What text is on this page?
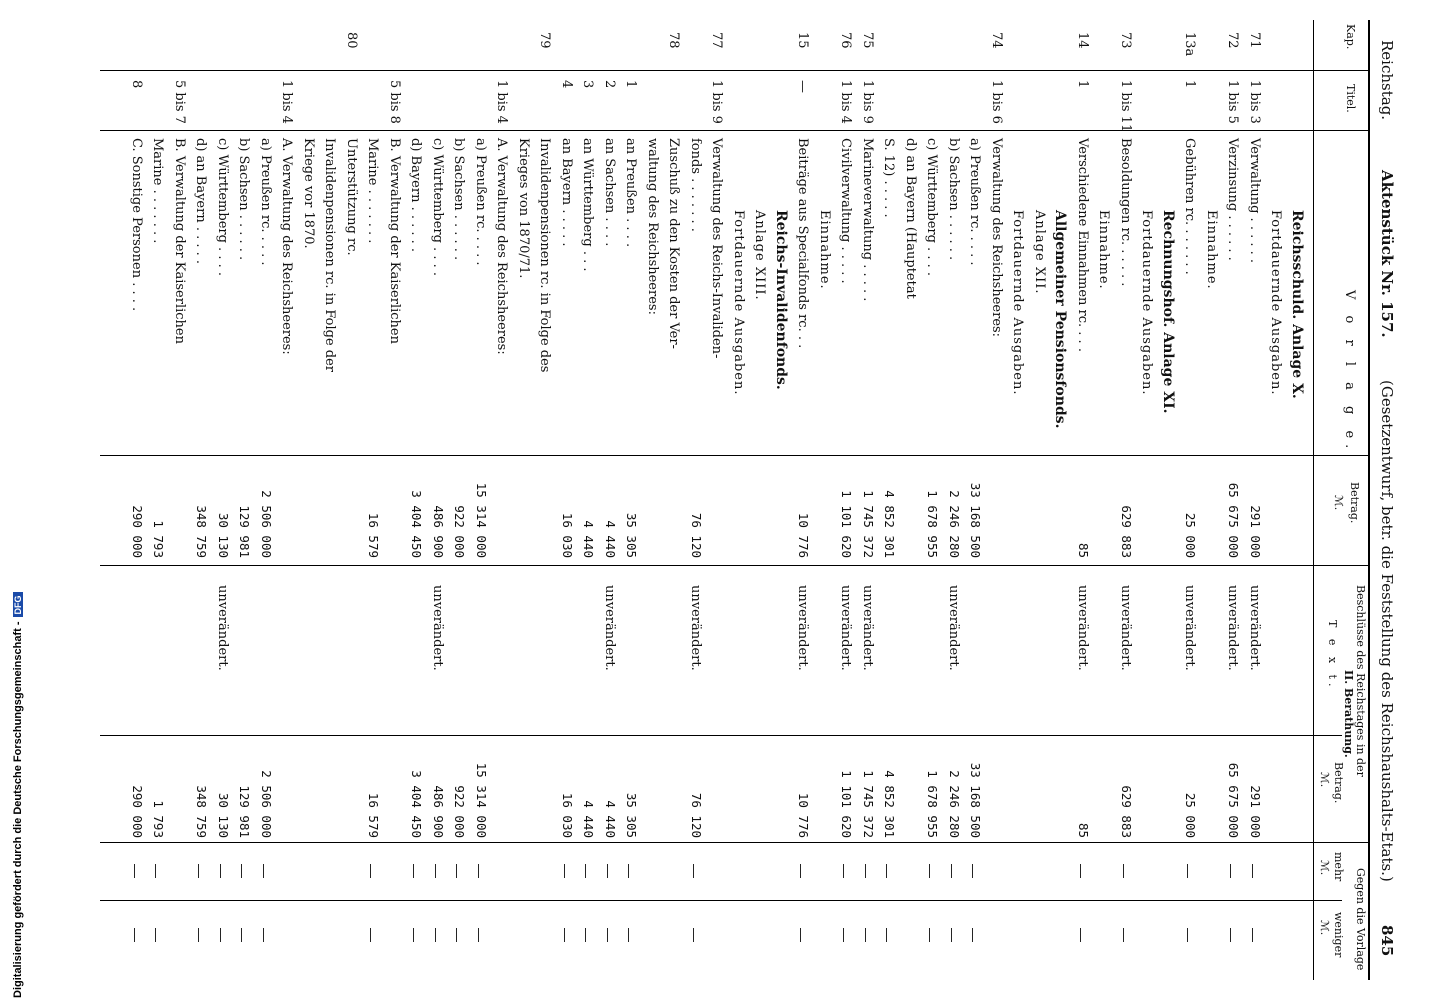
Reichstag.
Aktenstück Nr. 157.
(Gesetzentwurf, betr. die Feststellung des Reichshaushalts-Etats.)
845
Kap.
Titel.
V o r l a g e.
Betrag.
ℳ.
Beschlüsse des Reichstages in der
II. Berathung.
T e x t.
Betrag.
ℳ.
Gegen die Vorlage
mehr
weniger
ℳ.
ℳ.
Reichsschuld. Anlage X.
Fortdauernde Ausgaben.
71
1 bis 3
Verwaltung . . . . . .
291 000
unverändert.
291 000
—
—
72
1 bis 5
Verzinsung . . . . . .
65 675 000
unverändert.
65 675 000
—
—
Einnahme.
13a
1
Gebühren rc. . . . . . .
25 000
unverändert.
25 000
—
—
Rechnungshof. Anlage XI.
Fortdauernde Ausgaben.
73
1 bis 11
Besoldungen rc. . . . . .
629 883
unverändert.
629 883
—
—
Einnahme.
14
1
Verschiedene Einnahmen rc. . . .
85
unverändert.
85
—
—
Allgemeiner Pensionsfonds.
Anlage XII.
Fortdauernde Ausgaben.
74
1 bis 6
Verwaltung des Reichsheeres:
a) Preußen rc. . . . .
33 168 500
33 168 500
—
—
b) Sachsen . . . . . .
2 246 280
unverändert.
2 246 280
—
—
c) Württemberg . . . .
1 678 955
1 678 955
—
—
d) an Bayern (Hauptetat
S. 12) . . . . .
4 852 301
4 852 301
—
—
75
1 bis 9
Marineverwaltung . . . . .
1 745 372
unverändert.
1 745 372
—
—
76
1 bis 4
Civilverwaltung . . . . .
1 101 620
unverändert.
1 101 620
—
—
Einnahme.
15
—
Beiträge aus Specialfonds rc. . .
10 776
unverändert.
10 776
—
—
Reichs-Invalidenfonds.
Anlage XIII.
Fortdauernde Ausgaben.
77
1 bis 9
Verwaltung des Reichs-Invaliden-
fonds . . . . . . .
76 120
unverändert.
76 120
—
—
78
Zuschuß zu den Kosten der Ver-
waltung des Reichsheeres:
1
an Preußen . . . .
35 305
35 305
—
—
2
an Sachsen . . . .
4 440
unverändert.
4 440
—
—
3
an Württemberg . . .
4 440
4 440
—
—
4
an Bayern . . . . .
16 030
16 030
—
—
79
Invalidenpensionen rc. in Folge des
Krieges von 1870/71.
1 bis 4
A. Verwaltung des Reichsheeres:
a) Preußen rc. . . . .
15 314 000
15 314 000
—
—
b) Sachsen . . . . . .
922 000
922 000
—
—
c) Württemberg . . . .
486 900
unverändert.
486 900
—
—
d) Bayern . . . . . .
3 404 450
3 404 450
—
—
5 bis 8
B. Verwaltung der Kaiserlichen
Marine . . . . . . .
16 579
16 579
—
—
80
Unterstützung rc.
Invalidenpensionen rc. in Folge der
Kriege vor 1870.
1 bis 4
A. Verwaltung des Reichsheeres:
a) Preußen rc. . . . .
2 506 000
2 506 000
—
—
b) Sachsen . . . . . .
129 981
129 981
—
—
c) Württemberg . . . .
30 130
unverändert.
30 130
—
—
d) an Bayern . . . . .
348 759
348 759
—
—
5 bis 7
B. Verwaltung der Kaiserlichen
Marine . . . . . . .
1 793
1 793
—
—
8
C. Sonstige Personen . . . .
290 000
290 000
—
—
Digitalisierung gefördert durch die Deutsche Forschungsgemeinschaft -DFG
